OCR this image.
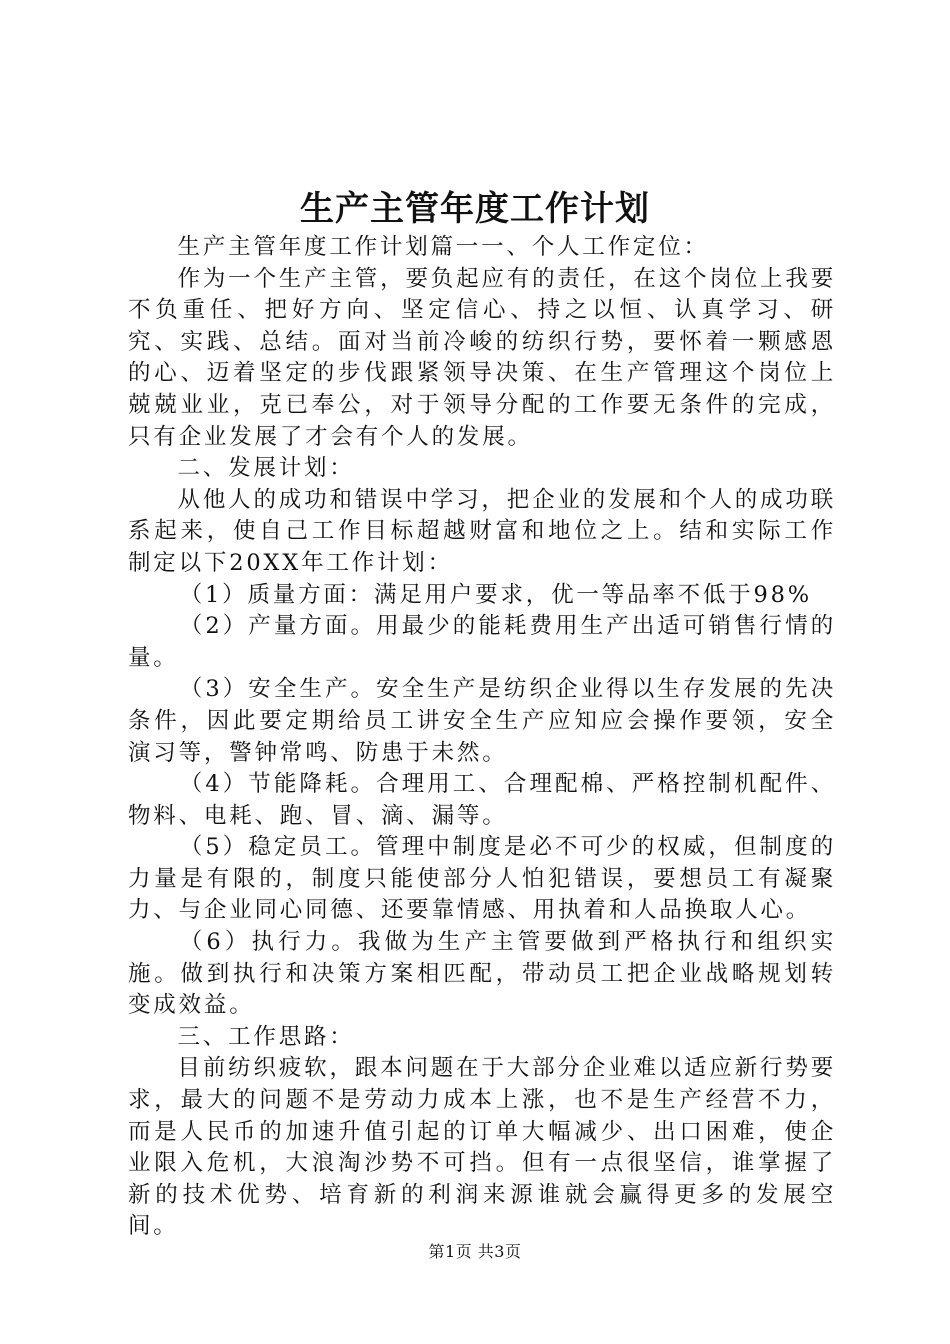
生产主管年度工作计划

生产主管年度工作计划篇一一、个人工作定位：

作为一个生产主管，要负起应有的责任，在这个岗位上我要不负重任、把好方向、坚定信心、持之以恒、认真学习、研究、实践、总结。面对当前冷峻的纺织行势，要怀着一颗感恩的心、迈着坚定的步伐跟紧领导决策、在生产管理这个岗位上兢兢业业，克已奉公，对于领导分配的工作要无条件的完成，只有企业发展了才会有个人的发展。

二、发展计划：

从他人的成功和错误中学习，把企业的发展和个人的成功联系起来，使自己工作目标超越财富和地位之上。结和实际工作制定以下20XX年工作计划：

（1）质量方面：满足用户要求，优一等品率不低于98%

（2）产量方面。用最少的能耗费用生产出适可销售行情的量。

（3）安全生产。安全生产是纺织企业得以生存发展的先决条件，因此要定期给员工讲安全生产应知应会操作要领，安全演习等，警钟常鸣、防患于未然。

（4）节能降耗。合理用工、合理配棉、严格控制机配件、物料、电耗、跑、冒、滴、漏等。

（5）稳定员工。管理中制度是必不可少的权威，但制度的力量是有限的，制度只能使部分人怕犯错误，要想员工有凝聚力、与企业同心同德、还要靠情感、用执着和人品换取人心。

（6）执行力。我做为生产主管要做到严格执行和组织实施。做到执行和决策方案相匹配，带动员工把企业战略规划转变成效益。

三、工作思路：

目前纺织疲软，跟本问题在于大部分企业难以适应新行势要求，最大的问题不是劳动力成本上涨，也不是生产经营不力，而是人民币的加速升值引起的订单大幅减少、出口困难，使企业限入危机，大浪淘沙势不可挡。但有一点很坚信，谁掌握了新的技术优势、培育新的利润来源谁就会赢得更多的发展空间。

第1页 共3页
